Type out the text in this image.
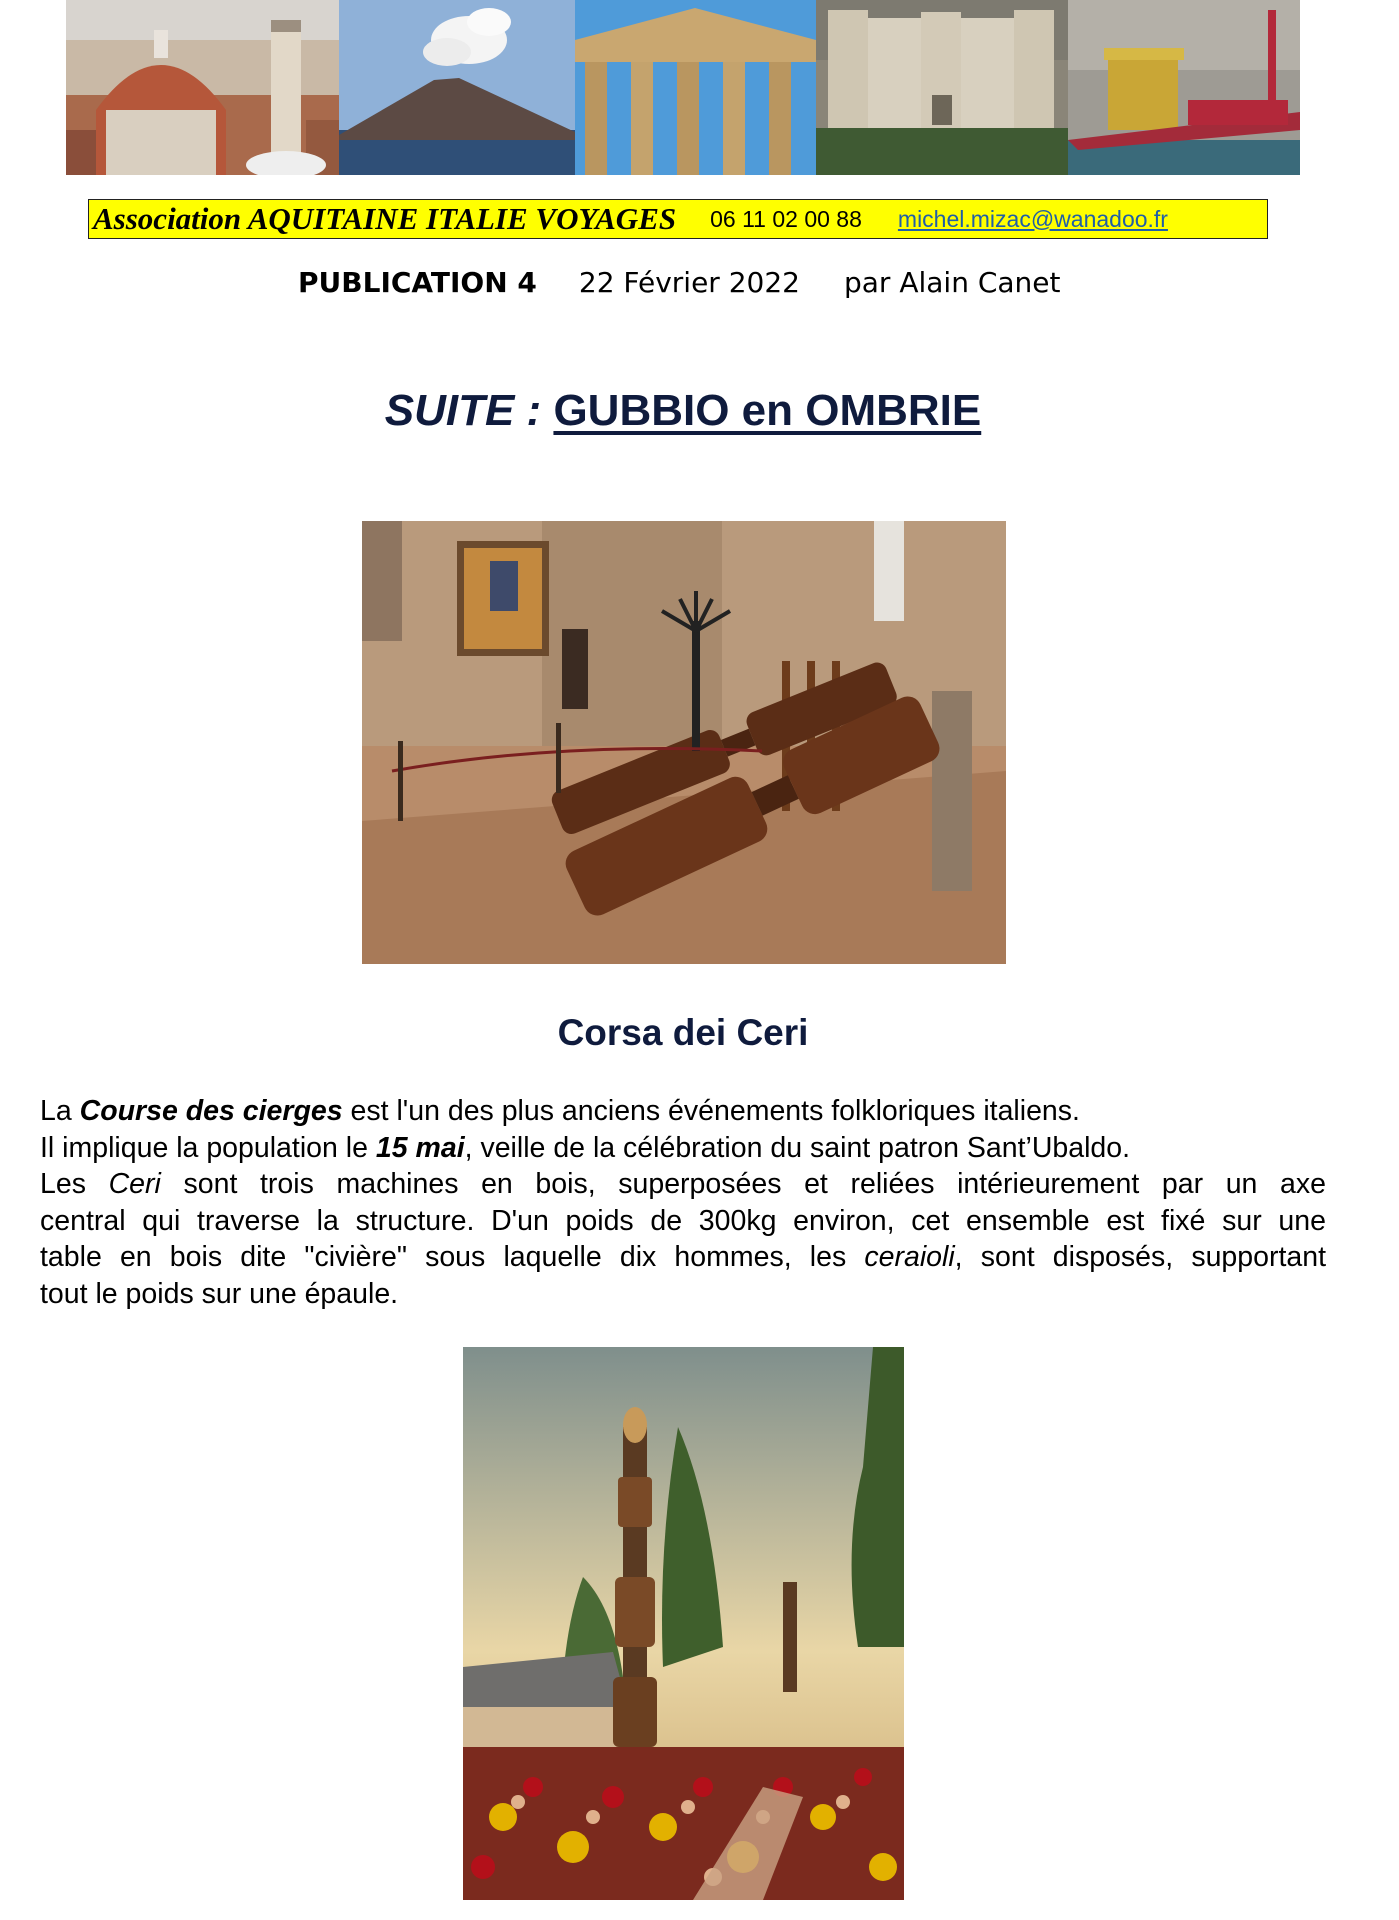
Association AQUITAINE ITALIE VOYAGES 06 11 02 00 88 michel.mizac@wanadoo.fr
PUBLICATION 4 22 Février 2022 par Alain Canet
SUITE : GUBBIO en OMBRIE
Corsa dei Ceri
La Course des cierges est l'un des plus anciens événements folkloriques italiens.
Il implique la population le 15 mai, veille de la célébration du saint patron Sant’Ubaldo.
Les Ceri sont trois machines en bois, superposées et reliées intérieurement par un axe
central qui traverse la structure. D'un poids de 300kg environ, cet ensemble est fixé sur une
table en bois dite "civière" sous laquelle dix hommes, les ceraioli, sont disposés, supportant
tout le poids sur une épaule.
